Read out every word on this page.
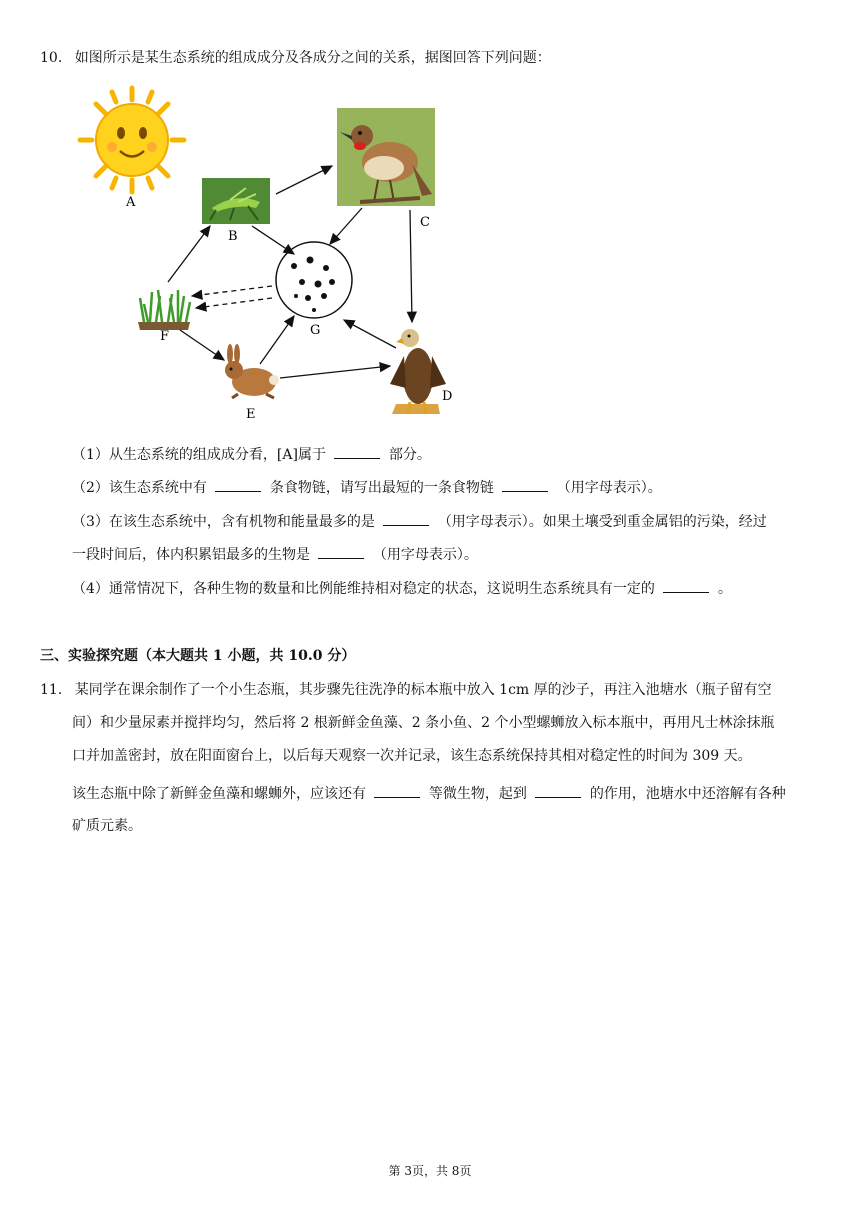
10. 如图所示是某生态系统的组成成分及各成分之间的关系，据图回答下列问题：
A
B
C
D
E
F	G
（1）从生态系统的组成成分看，[A]属于	部分。
（2）该生态系统中有	条食物链，请写出最短的一条食物链	（用字母表示）。
（3）在该生态系统中，含有机物和能量最多的是	（用字母表示）。如果土壤受到重金属铝的污染，经过
一段时间后，体内积累铝最多的生物是	（用字母表示）。
（4）通常情况下，各种生物的数量和比例能维持相对稳定的状态，这说明生态系统具有一定的	。
三、实验探究题（本大题共 1 小题，共 10.0 分）
11. 某同学在课余制作了一个小生态瓶，其步骤先往洗净的标本瓶中放入 1cm 厚的沙子，再注入池塘水（瓶子留有空
间）和少量尿素并搅拌均匀，然后将 2 根新鲜金鱼藻、2 条小鱼、2 个小型螺蛳放入标本瓶中，再用凡士林涂抹瓶
口并加盖密封，放在阳面窗台上，以后每天观察一次并记录，该生态系统保持其相对稳定性的时间为 309 天。
该生态瓶中除了新鲜金鱼藻和螺蛳外，应该还有	等微生物，起到	的作用，池塘水中还溶解有各种
矿质元素。
第 3页，共 8页
